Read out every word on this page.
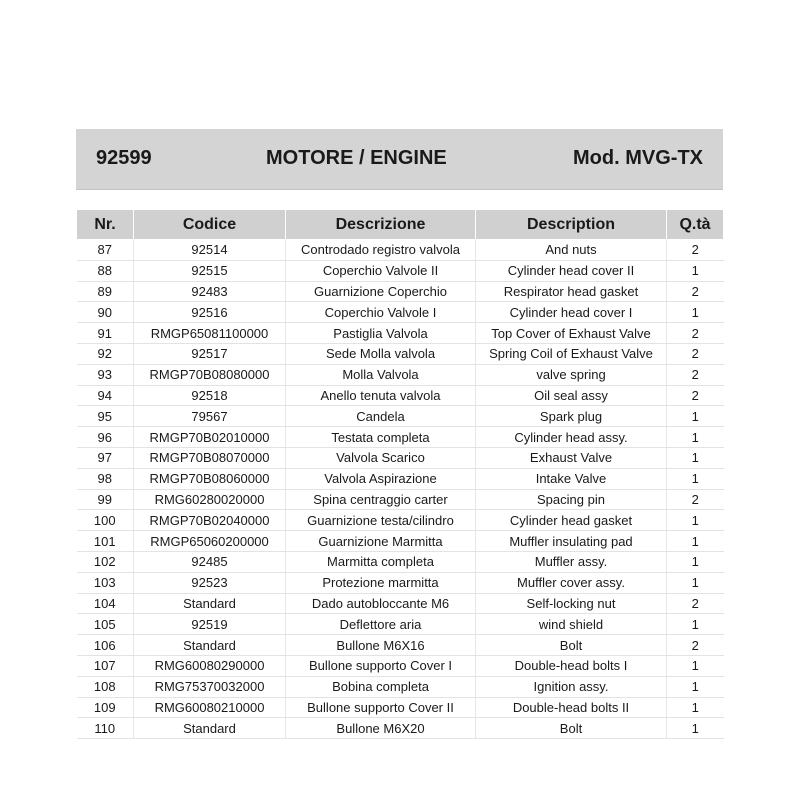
92599	MOTORE / ENGINE	Mod. MVG-TX
Nr.	Codice	Descrizione	Description	Q.tà
87	92514	Controdado registro valvola	And nuts	2
88	92515	Coperchio Valvole II	Cylinder head cover II	1
89	92483	Guarnizione Coperchio	Respirator head gasket	2
90	92516	Coperchio Valvole I	Cylinder head cover I	1
91	RMGP65081100000	Pastiglia Valvola	Top Cover of Exhaust Valve	2
92	92517	Sede Molla valvola	Spring Coil of Exhaust Valve	2
93	RMGP70B08080000	Molla Valvola	valve spring	2
94	92518	Anello tenuta valvola	Oil seal assy	2
95	79567	Candela	Spark plug	1
96	RMGP70B02010000	Testata completa	Cylinder head assy.	1
97	RMGP70B08070000	Valvola Scarico	Exhaust Valve	1
98	RMGP70B08060000	Valvola Aspirazione	Intake Valve	1
99	RMG60280020000	Spina centraggio carter	Spacing pin	2
100	RMGP70B02040000	Guarnizione testa/cilindro	Cylinder head gasket	1
101	RMGP65060200000	Guarnizione Marmitta	Muffler insulating pad	1
102	92485	Marmitta completa	Muffler assy.	1
103	92523	Protezione marmitta	Muffler cover assy.	1
104	Standard	Dado autobloccante M6	Self-locking nut	2
105	92519	Deflettore aria	wind shield	1
106	Standard	Bullone M6X16	Bolt	2
107	RMG60080290000	Bullone supporto Cover I	Double-head bolts I	1
108	RMG75370032000	Bobina completa	Ignition assy.	1
109	RMG60080210000	Bullone supporto Cover II	Double-head bolts II	1
110	Standard	Bullone M6X20	Bolt	1
